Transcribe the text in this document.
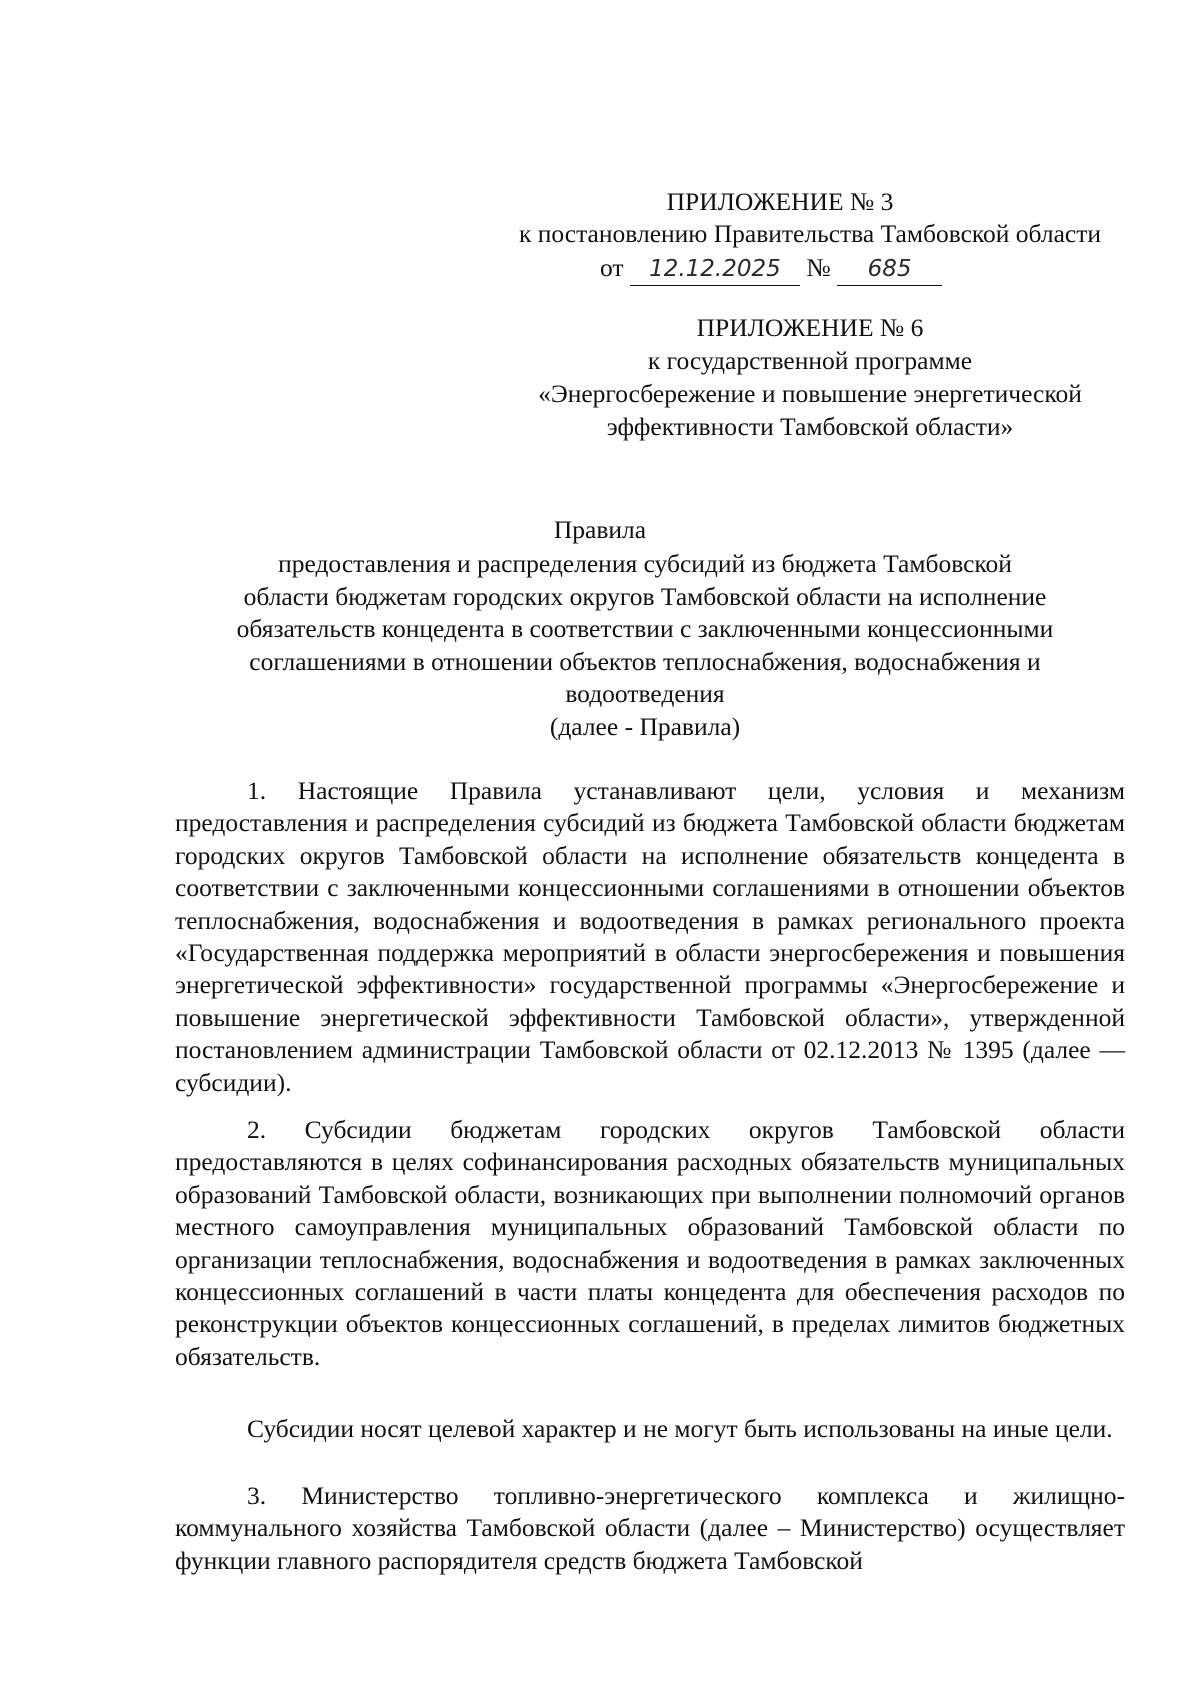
ПРИЛОЖЕНИЕ № 3
к постановлению Правительства Тамбовской области
от 12.12.2025 № 685
ПРИЛОЖЕНИЕ № 6
к государственной программе
«Энергосбережение и повышение энергетической
эффективности Тамбовской области»
Правила
предоставления и распределения субсидий из бюджета Тамбовской
области бюджетам городских округов Тамбовской области на исполнение
обязательств концедента в соответствии с заключенными концессионными
соглашениями в отношении объектов теплоснабжения, водоснабжения и
водоотведения
(далее - Правила)

1. Настоящие Правила устанавливают цели, условия и механизм предоставления и распределения субсидий из бюджета Тамбовской области бюджетам городских округов Тамбовской области на исполнение обязательств концедента в соответствии с заключенными концессионными соглашениями в отношении объектов теплоснабжения, водоснабжения и водоотведения в рамках регионального проекта «Государственная поддержка мероприятий в области энергосбережения и повышения энергетической эффективности» государственной программы «Энергосбережение и повышение энергетической эффективности Тамбовской области», утвержденной постановлением администрации Тамбовской области от 02.12.2013 № 1395 (далее — субсидии).

2. Субсидии бюджетам городских округов Тамбовской области предоставляются в целях софинансирования расходных обязательств муниципальных образований Тамбовской области, возникающих при выполнении полномочий органов местного самоуправления муниципальных образований Тамбовской области по организации теплоснабжения, водоснабжения и водоотведения в рамках заключенных концессионных соглашений в части платы концедента для обеспечения расходов по реконструкции объектов концессионных соглашений, в пределах лимитов бюджетных обязательств.

Субсидии носят целевой характер и не могут быть использованы на иные цели.

3. Министерство топливно-энергетического комплекса и жилищно-коммунального хозяйства Тамбовской области (далее – Министерство) осуществляет функции главного распорядителя средств бюджета Тамбовской
